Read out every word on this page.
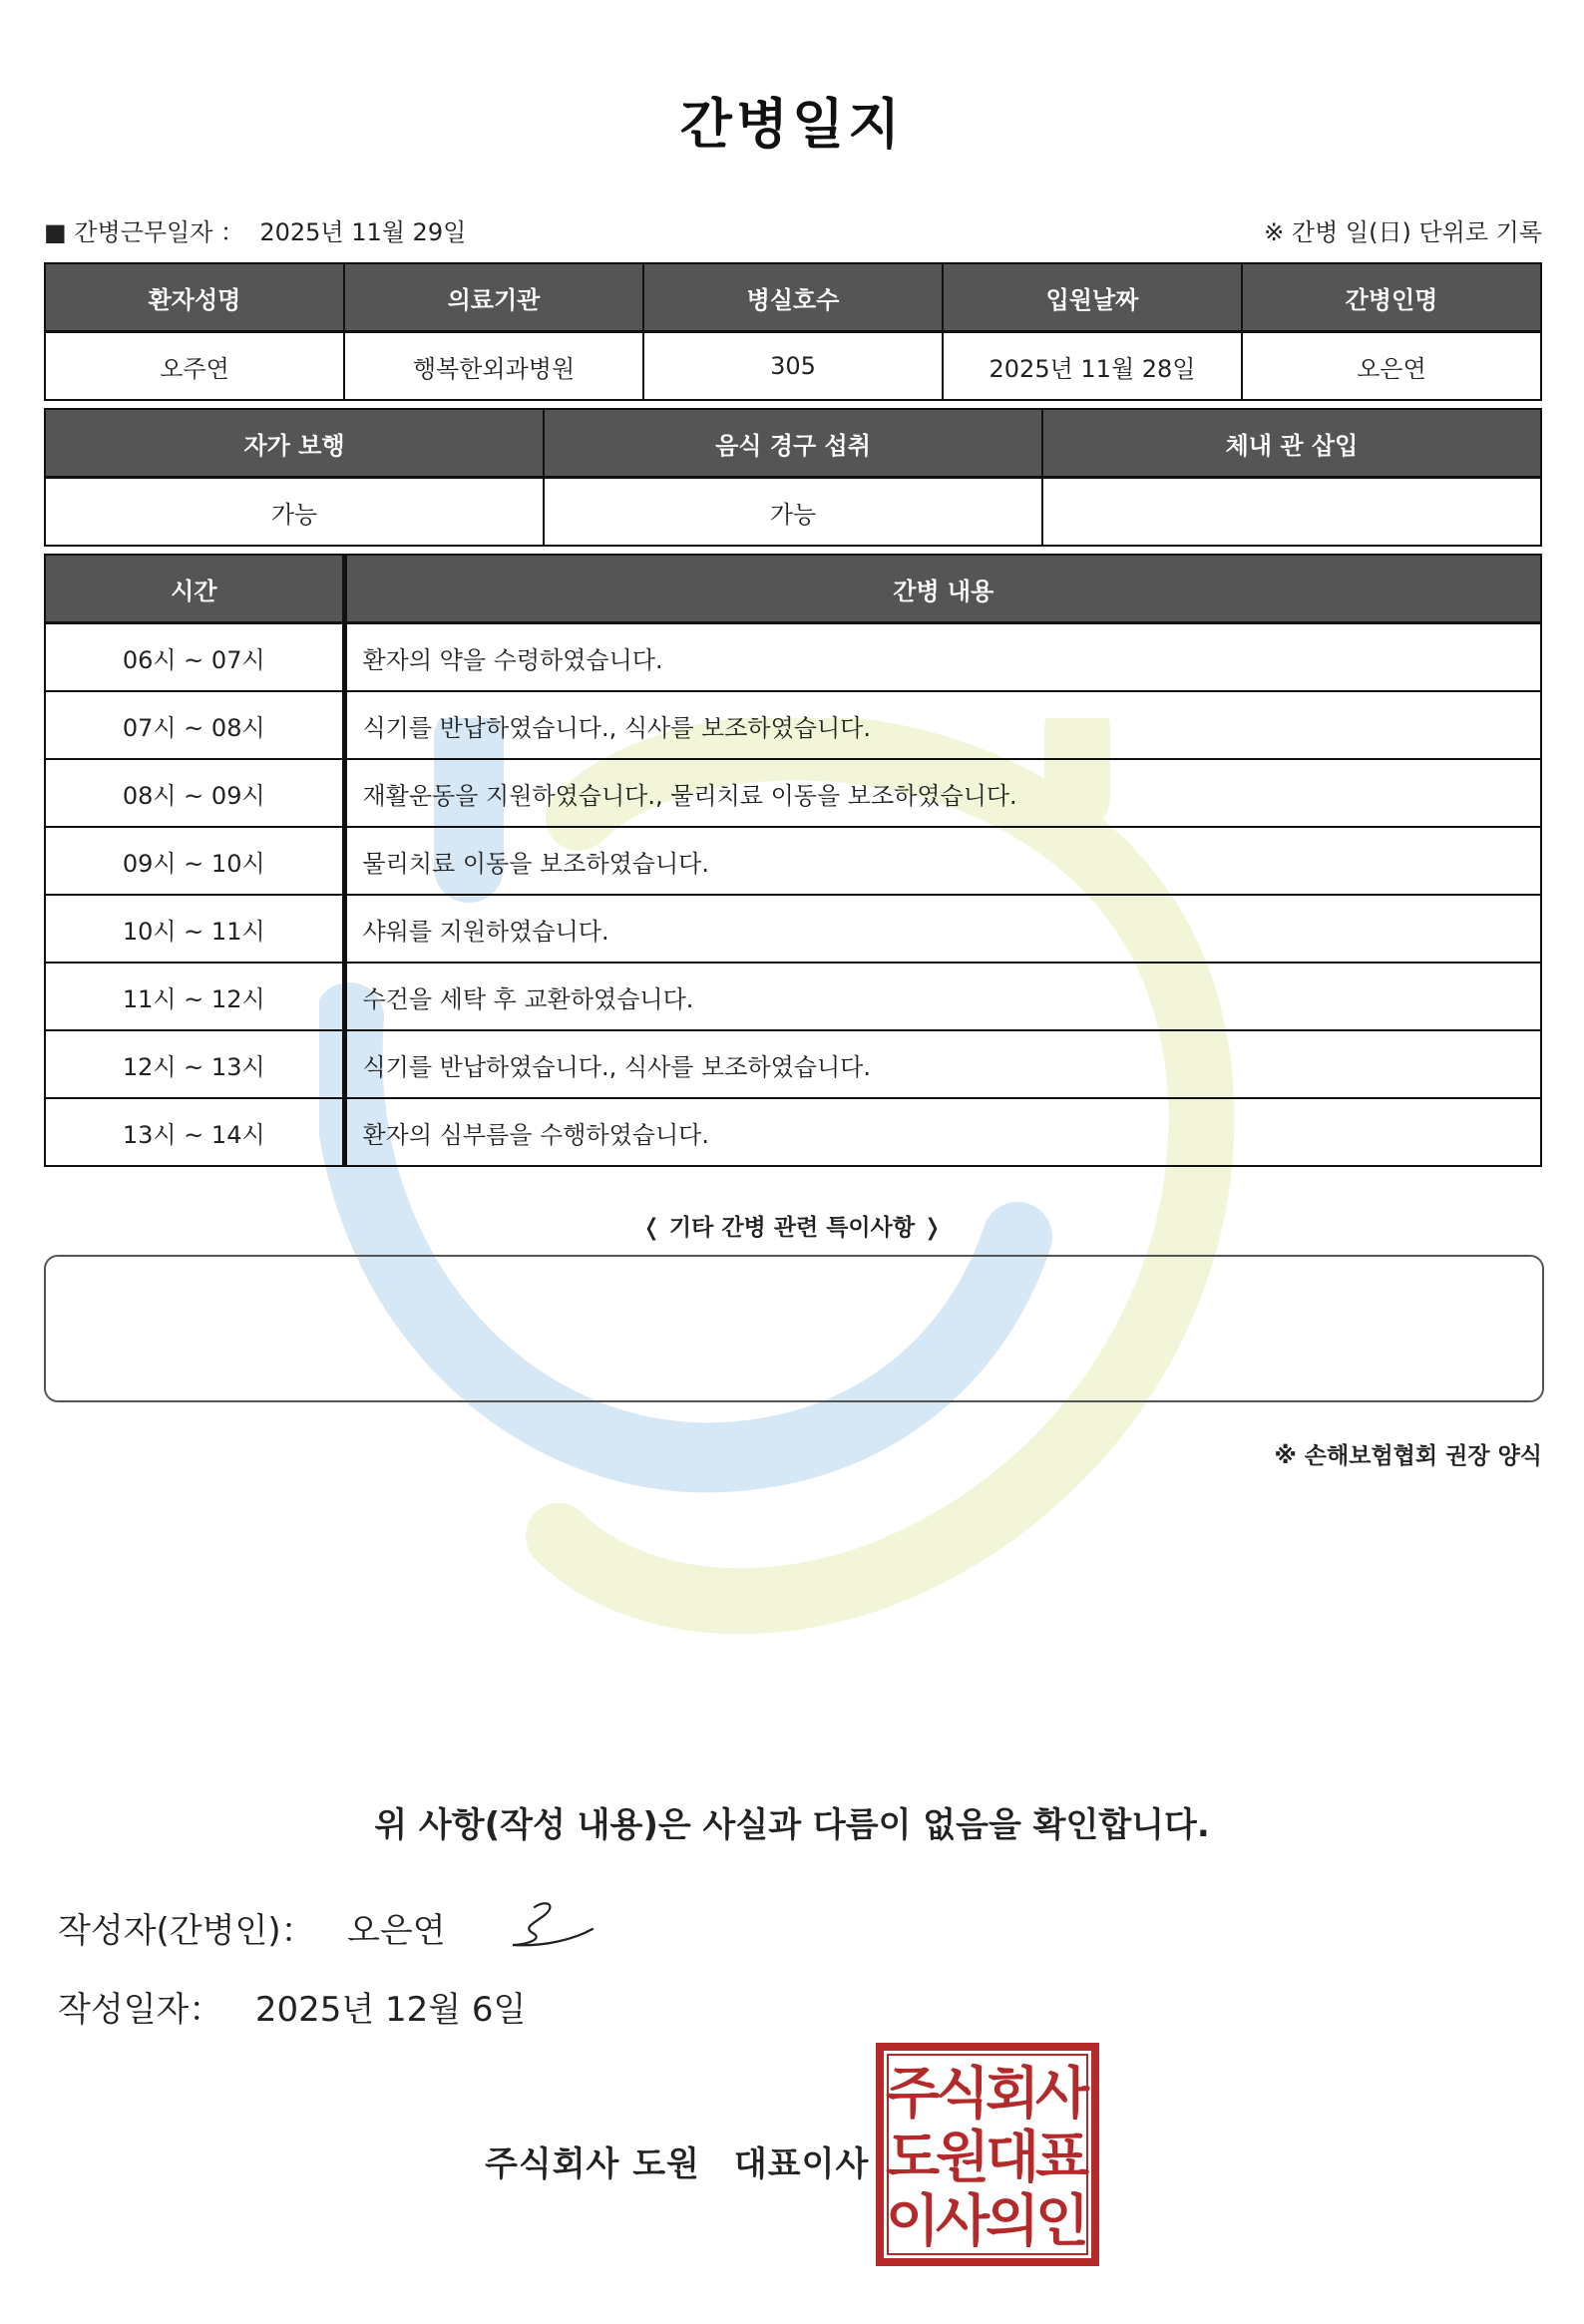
간병일지
■ 간병근무일자 ： 2025년 11월 29일	※ 간병 일(日) 단위로 기록
환자성명	의료기관	병실호수	입원날짜	간병인명
오주연	행복한외과병원	305	2025년 11월 28일	오은연
자가 보행	음식 경구 섭취	체내 관 삽입
가능	가능	
시간	간병 내용
06시 ~ 07시	환자의 약을 수령하였습니다.
07시 ~ 08시	식기를 반납하였습니다., 식사를 보조하였습니다.
08시 ~ 09시	재활운동을 지원하였습니다., 물리치료 이동을 보조하였습니다.
09시 ~ 10시	물리치료 이동을 보조하였습니다.
10시 ~ 11시	샤워를 지원하였습니다.
11시 ~ 12시	수건을 세탁 후 교환하였습니다.
12시 ~ 13시	식기를 반납하였습니다., 식사를 보조하였습니다.
13시 ~ 14시	환자의 심부름을 수행하였습니다.
❬ 기타 간병 관련 특이사항 ❭
※ 손해보험협회 권장 양식
위 사항(작성 내용)은 사실과 다름이 없음을 확인합니다.
작성자(간병인)： 오은연
작성일자： 2025년 12월 6일
주식회사 도원 대표이사
주
식
회
사
도
원
대
표
이
사
의
인
